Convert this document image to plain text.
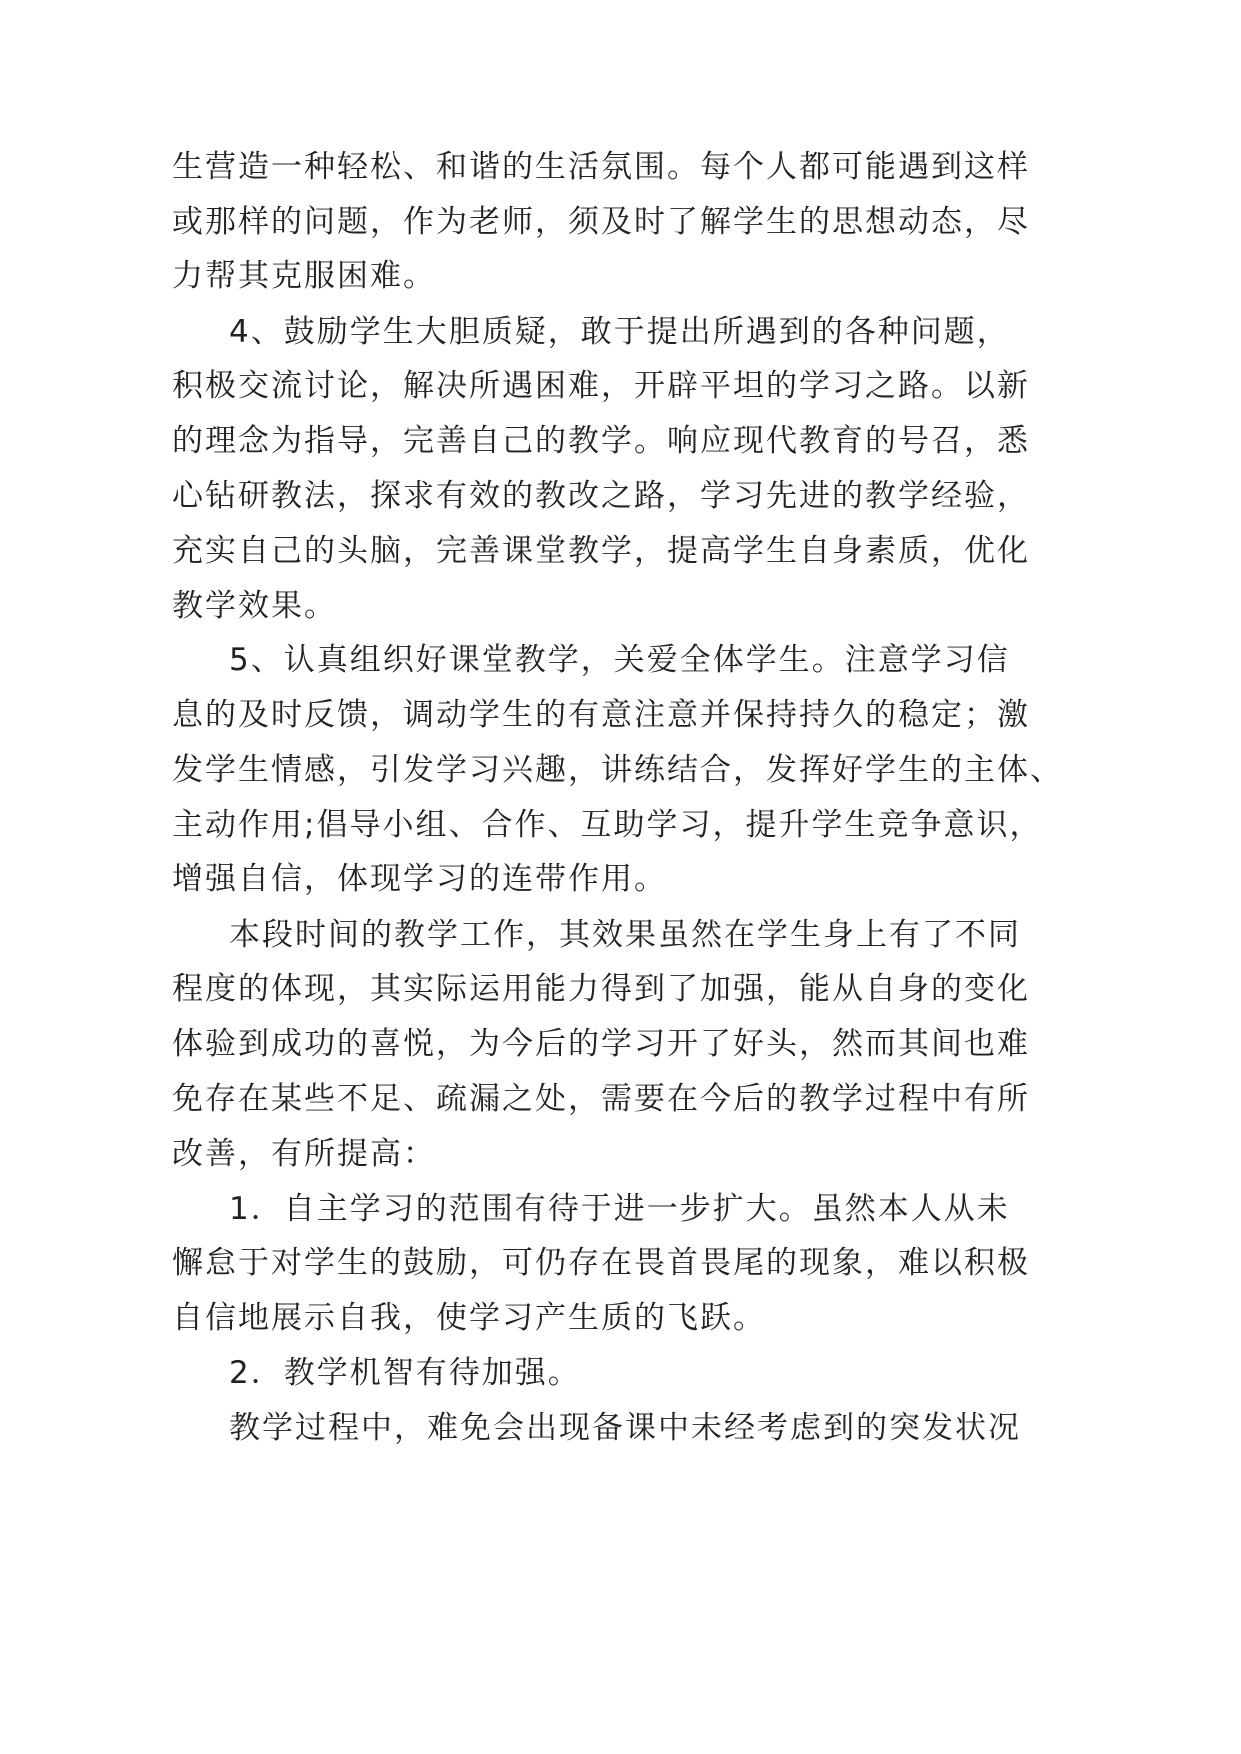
生营造一种轻松、和谐的生活氛围。每个人都可能遇到这样
或那样的问题，作为老师，须及时了解学生的思想动态，尽
力帮其克服困难。
4、鼓励学生大胆质疑，敢于提出所遇到的各种问题，
积极交流讨论，解决所遇困难，开辟平坦的学习之路。以新
的理念为指导，完善自己的教学。响应现代教育的号召，悉
心钻研教法，探求有效的教改之路，学习先进的教学经验，
充实自己的头脑，完善课堂教学，提高学生自身素质，优化
教学效果。
5、认真组织好课堂教学，关爱全体学生。注意学习信
息的及时反馈，调动学生的有意注意并保持持久的稳定；激
发学生情感，引发学习兴趣，讲练结合，发挥好学生的主体、
主动作用;倡导小组、合作、互助学习，提升学生竞争意识，
增强自信，体现学习的连带作用。
本段时间的教学工作，其效果虽然在学生身上有了不同
程度的体现，其实际运用能力得到了加强，能从自身的变化
体验到成功的喜悦，为今后的学习开了好头，然而其间也难
免存在某些不足、疏漏之处，需要在今后的教学过程中有所
改善，有所提高：
1．自主学习的范围有待于进一步扩大。虽然本人从未
懈怠于对学生的鼓励，可仍存在畏首畏尾的现象，难以积极
自信地展示自我，使学习产生质的飞跃。
2．教学机智有待加强。
教学过程中，难免会出现备课中未经考虑到的突发状况
